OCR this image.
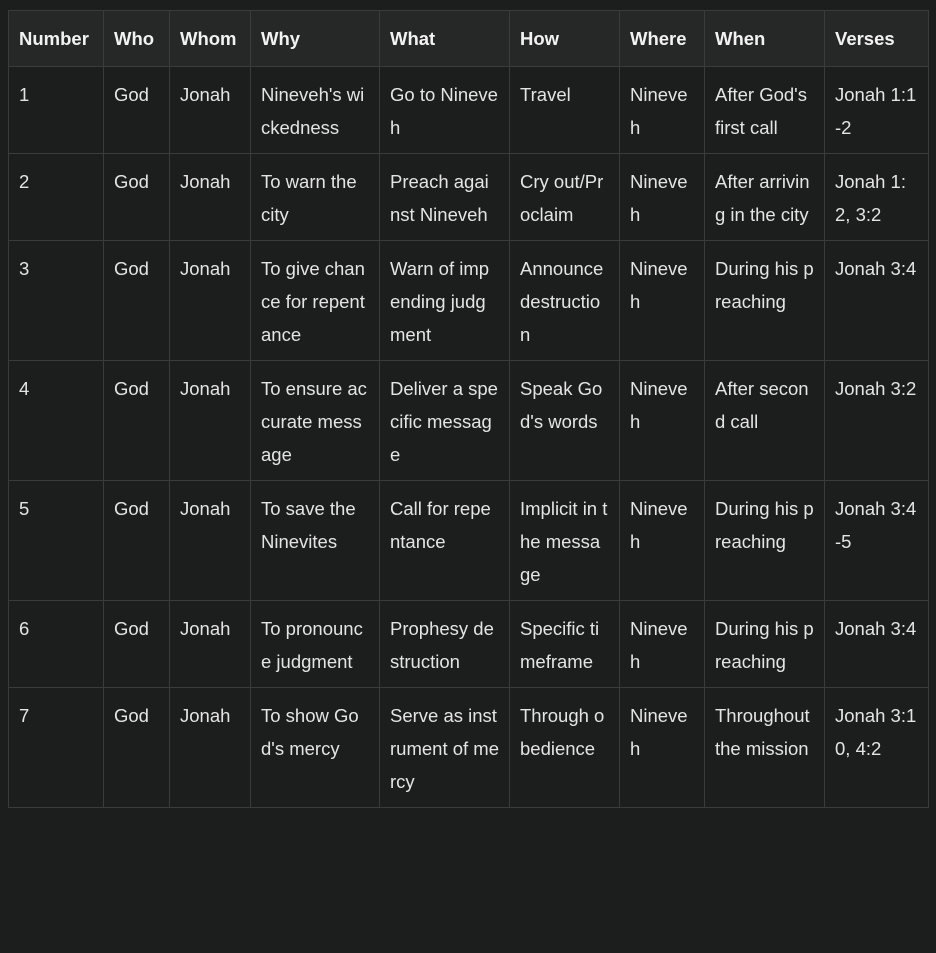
Number	Who	Whom	Why	What	How	Where	When	Verses
1	God	Jonah	Nineveh's wickedness	Go to Nineveh	Travel	Nineveh	After God's first call	Jonah 1:1-2
2	God	Jonah	To warn the city	Preach against Nineveh	Cry out/Proclaim	Nineveh	After arriving in the city	Jonah 1:2, 3:2
3	God	Jonah	To give chance for repentance	Warn of impending judgment	Announce destruction	Nineveh	During his preaching	Jonah 3:4
4	God	Jonah	To ensure accurate message	Deliver a specific message	Speak God's words	Nineveh	After second call	Jonah 3:2
5	God	Jonah	To save the Ninevites	Call for repentance	Implicit in the message	Nineveh	During his preaching	Jonah 3:4-5
6	God	Jonah	To pronounce judgment	Prophesy destruction	Specific timeframe	Nineveh	During his preaching	Jonah 3:4
7	God	Jonah	To show God's mercy	Serve as instrument of mercy	Through obedience	Nineveh	Throughout the mission	Jonah 3:10, 4:2
